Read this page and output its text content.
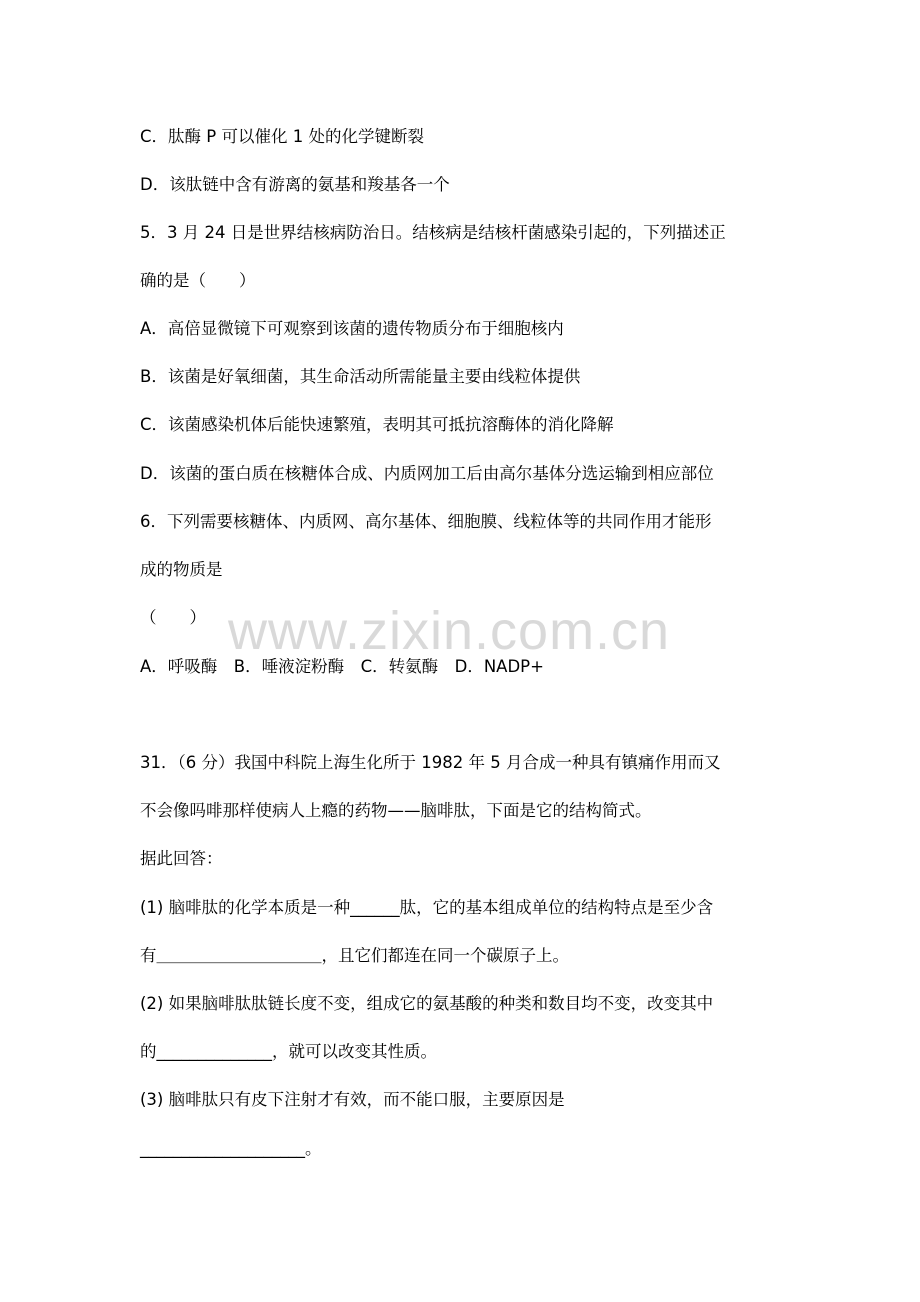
www.zixin.com.cn
C．肽酶 P 可以催化 1 处的化学键断裂
D．该肽链中含有游离的氨基和羧基各一个
5．3 月 24 日是世界结核病防治日。结核病是结核杆菌感染引起的，下列描述正
确的是（　　）
A．高倍显微镜下可观察到该菌的遗传物质分布于细胞核内
B．该菌是好氧细菌，其生命活动所需能量主要由线粒体提供
C．该菌感染机体后能快速繁殖，表明其可抵抗溶酶体的消化降解
D．该菌的蛋白质在核糖体合成、内质网加工后由高尔基体分选运输到相应部位
6．下列需要核糖体、内质网、高尔基体、细胞膜、线粒体等的共同作用才能形
成的物质是
（　　）
A．呼吸酶　B．唾液淀粉酶　C．转氨酶　D．NADP+
31．（6 分）我国中科院上海生化所于 1982 年 5 月合成一种具有镇痛作用而又
不会像吗啡那样使病人上瘾的药物——脑啡肽，下面是它的结构简式。
据此回答：
(1) 脑啡肽的化学本质是一种______肽，它的基本组成单位的结构特点是至少含
有＿＿＿＿＿＿＿＿＿＿，且它们都连在同一个碳原子上。
(2) 如果脑啡肽肽链长度不变，组成它的氨基酸的种类和数目均不变，改变其中
的______________，就可以改变其性质。
(3) 脑啡肽只有皮下注射才有效，而不能口服，主要原因是
____________________。
